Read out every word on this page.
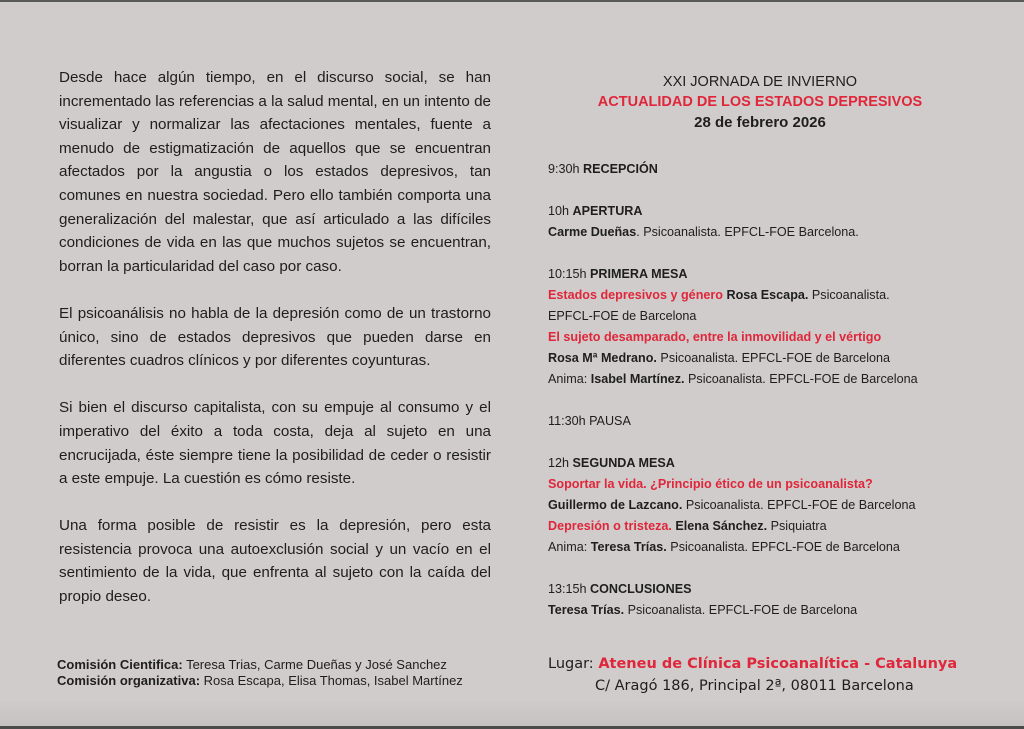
Desde hace algún tiempo, en el discurso social, se han incrementado las referencias a la salud mental, en un intento de visualizar y normalizar las afectaciones mentales, fuente a menudo de estigmatización de aquellos que se encuentran afectados por la angustia o los estados depresivos, tan comunes en nuestra sociedad. Pero ello también comporta una generalización del malestar, que así articulado a las difíciles condiciones de vida en las que muchos sujetos se encuentran, borran la particularidad del caso por caso.

El psicoanálisis no habla de la depresión como de un trastorno único, sino de estados depresivos que pueden darse en diferentes cuadros clínicos y por diferentes coyunturas.

Si bien el discurso capitalista, con su empuje al consumo y el imperativo del éxito a toda costa, deja al sujeto en una encrucijada, éste siempre tiene la posibilidad de ceder o resistir a este empuje. La cuestión es cómo resiste.

Una forma posible de resistir es la depresión, pero esta resistencia provoca una autoexclusión social y un vacío en el sentimiento de la vida, que enfrenta al sujeto con la caída del propio deseo.

Comisión Cientifica: Teresa Trias, Carme Dueñas y José Sanchez
Comisión organizativa: Rosa Escapa, Elisa Thomas, Isabel Martínez
XXI JORNADA DE INVIERNO
ACTUALIDAD DE LOS ESTADOS DEPRESIVOS
28 de febrero 2026
9:30h RECEPCIÓN
10h APERTURA
Carme Dueñas. Psicoanalista. EPFCL-FOE Barcelona.
10:15h PRIMERA MESA
Estados depresivos y género Rosa Escapa. Psicoanalista.
EPFCL-FOE de Barcelona
El sujeto desamparado, entre la inmovilidad y el vértigo
Rosa Mª Medrano. Psicoanalista. EPFCL-FOE de Barcelona
Anima: Isabel Martínez. Psicoanalista. EPFCL-FOE de Barcelona
11:30h PAUSA
12h SEGUNDA MESA
Soportar la vida. ¿Principio ético de un psicoanalista?
Guillermo de Lazcano. Psicoanalista. EPFCL-FOE de Barcelona
Depresión o tristeza. Elena Sánchez. Psiquiatra
Anima: Teresa Trías. Psicoanalista. EPFCL-FOE de Barcelona
13:15h CONCLUSIONES
Teresa Trías. Psicoanalista. EPFCL-FOE de Barcelona
Lugar: Ateneu de Clínica Psicoanalítica - Catalunya
C/ Aragó 186, Principal 2ª, 08011 Barcelona
